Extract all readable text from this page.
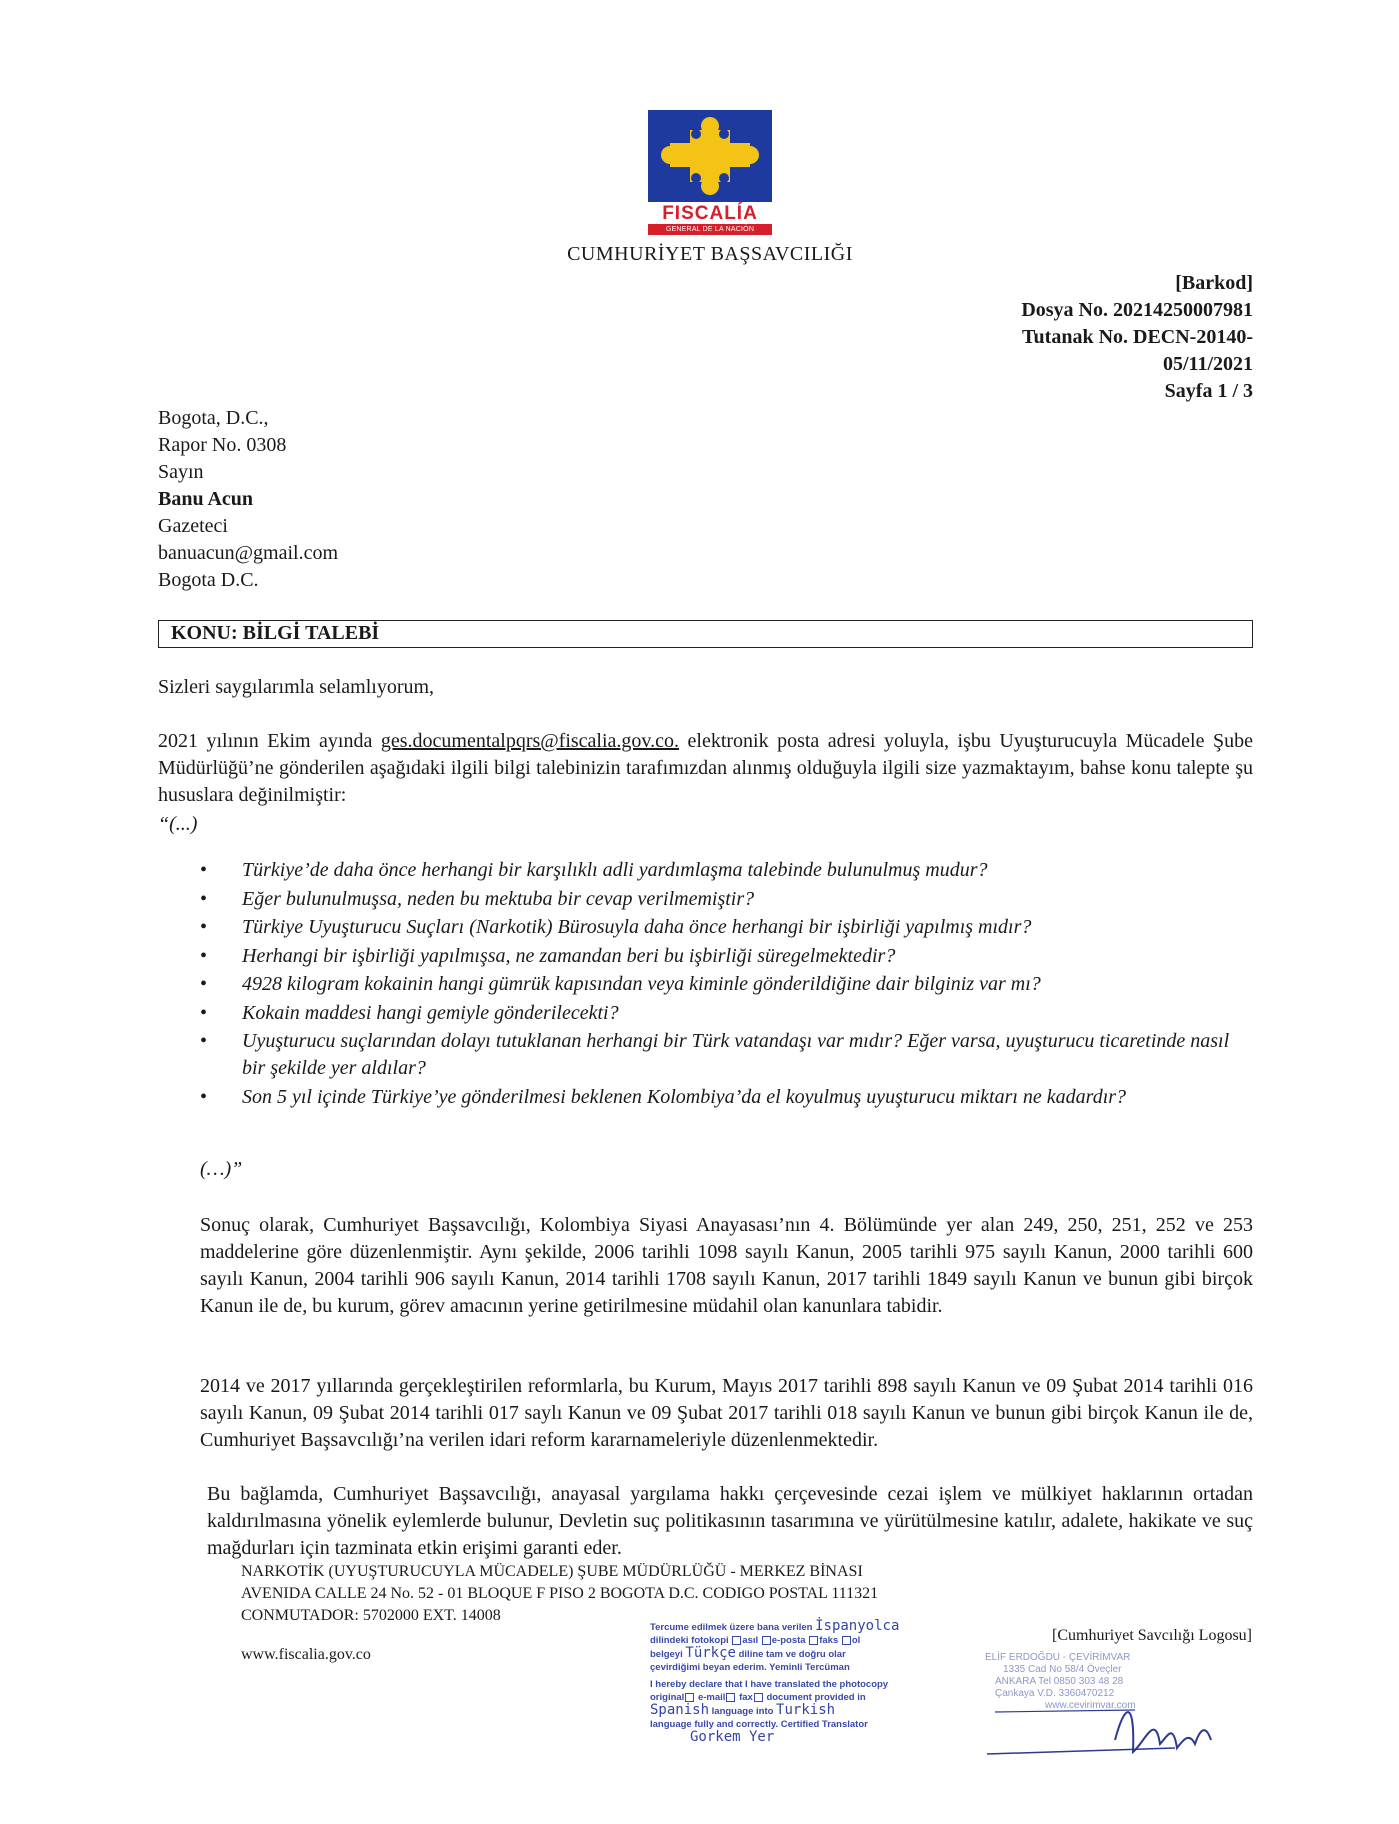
FISCALÍA
GENERAL DE LA NACIÓN
CUMHURİYET BAŞSAVCILIĞI
[Barkod]
Dosya No. 20214250007981
Tutanak No. DECN-20140-
05/11/2021
Sayfa 1 / 3
Bogota, D.C.,
Rapor No. 0308
Sayın
Banu Acun
Gazeteci
banuacun@gmail.com
Bogota D.C.
KONU: BİLGİ TALEBİ
Sizleri saygılarımla selamlıyorum,
2021 yılının Ekim ayında ges.documentalpqrs@fiscalia.gov.co. elektronik posta adresi yoluyla, işbu Uyuşturucuyla Mücadele Şube Müdürlüğü’ne gönderilen aşağıdaki ilgili bilgi talebinizin tarafımızdan alınmış olduğuyla ilgili size yazmaktayım, bahse konu talepte şu hususlara değinilmiştir:
“(...)
• Türkiye’de daha önce herhangi bir karşılıklı adli yardımlaşma talebinde bulunulmuş mudur?
• Eğer bulunulmuşsa, neden bu mektuba bir cevap verilmemiştir?
• Türkiye Uyuşturucu Suçları (Narkotik) Bürosuyla daha önce herhangi bir işbirliği yapılmış mıdır?
• Herhangi bir işbirliği yapılmışsa, ne zamandan beri bu işbirliği süregelmektedir?
• 4928 kilogram kokainin hangi gümrük kapısından veya kiminle gönderildiğine dair bilginiz var mı?
• Kokain maddesi hangi gemiyle gönderilecekti?
• Uyuşturucu suçlarından dolayı tutuklanan herhangi bir Türk vatandaşı var mıdır? Eğer varsa, uyuşturucu ticaretinde nasıl bir şekilde yer aldılar?
• Son 5 yıl içinde Türkiye’ye gönderilmesi beklenen Kolombiya’da el koyulmuş uyuşturucu miktarı ne kadardır?
(…)”
Sonuç olarak, Cumhuriyet Başsavcılığı, Kolombiya Siyasi Anayasası’nın 4. Bölümünde yer alan 249, 250, 251, 252 ve 253 maddelerine göre düzenlenmiştir. Aynı şekilde, 2006 tarihli 1098 sayılı Kanun, 2005 tarihli 975 sayılı Kanun, 2000 tarihli 600 sayılı Kanun, 2004 tarihli 906 sayılı Kanun, 2014 tarihli 1708 sayılı Kanun, 2017 tarihli 1849 sayılı Kanun ve bunun gibi birçok Kanun ile de, bu kurum, görev amacının yerine getirilmesine müdahil olan kanunlara tabidir.
2014 ve 2017 yıllarında gerçekleştirilen reformlarla, bu Kurum, Mayıs 2017 tarihli 898 sayılı Kanun ve 09 Şubat 2014 tarihli 016 sayılı Kanun, 09 Şubat 2014 tarihli 017 saylı Kanun ve 09 Şubat 2017 tarihli 018 sayılı Kanun ve bunun gibi birçok Kanun ile de, Cumhuriyet Başsavcılığı’na verilen idari reform kararnameleriyle düzenlenmektedir.
Bu bağlamda, Cumhuriyet Başsavcılığı, anayasal yargılama hakkı çerçevesinde cezai işlem ve mülkiyet haklarının ortadan kaldırılmasına yönelik eylemlerde bulunur, Devletin suç politikasının tasarımına ve yürütülmesine katılır, adalete, hakikate ve suç mağdurları için tazminata etkin erişimi garanti eder.
NARKOTİK (UYUŞTURUCUYLA MÜCADELE) ŞUBE MÜDÜRLÜĞÜ - MERKEZ BİNASI
AVENIDA CALLE 24 No. 52 - 01 BLOQUE F PISO 2 BOGOTA D.C. CODIGO POSTAL 111321
CONMUTADOR: 5702000 EXT. 14008
www.fiscalia.gov.co
[Cumhuriyet Savcılığı Logosu]
Tercume edilmek üzere bana verilen İspanyolca
dilindeki fotokopi asıl e-posta faks ol
belgeyi Türkçe diline tam ve doğru olar
çevirdiğimi beyan ederim. Yeminli Tercüman
I hereby declare that I have translated the photocopy
original e-mail fax document provided in
Spanish language into Turkish
language fully and correctly. Certified Translator
Gorkem Yer
ELİF ERDOĞDU - ÇEVİRİMVAR
1335 Cad No 58/4 Öveçler
ANKARA Tel 0850 303 48 28
Çankaya V.D. 3360470212
www.cevirimvar.com
